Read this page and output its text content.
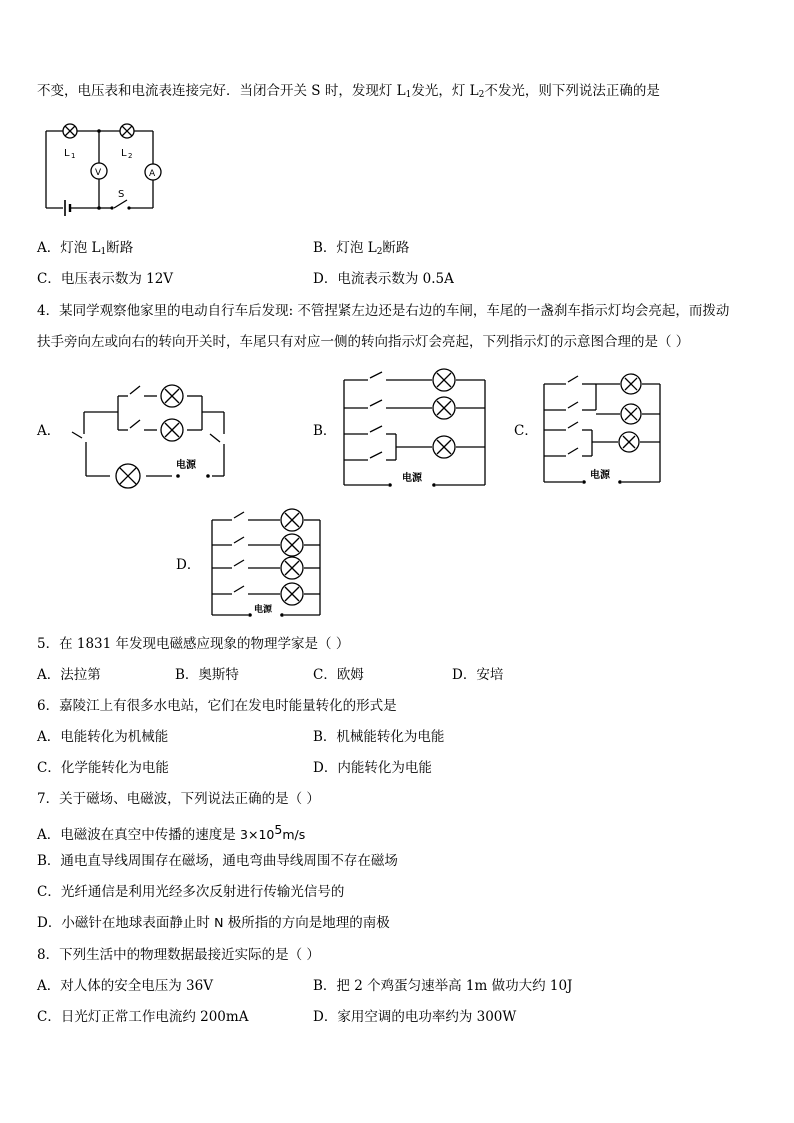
不变，电压表和电流表连接完好．当闭合开关 S 时，发现灯 $L_1$发光，灯 $L_2$不发光，则下列说法正确的是
L 1	L 2
V	A
S
A．灯泡 $L_1$断路	B．灯泡 $L_2$断路
C．电压表示数为 12V	D．电流表示数为 0.5A
4．某同学观察他家里的电动自行车后发现: 不管捏紧左边还是右边的车闸，车尾的一盏刹车指示灯均会亮起，而拨动
扶手旁向左或向右的转向开关时，车尾只有对应一侧的转向指示灯会亮起，下列指示灯的示意图合理的是（ ）
A．	B．	C．
D．
电源
电源	电源
电源
5．在 1831 年发现电磁感应现象的物理学家是（ ）
A．法拉第	B．奥斯特	C．欧姆	D．安培
6．嘉陵江上有很多水电站，它们在发电时能量转化的形式是
A．电能转化为机械能	B．机械能转化为电能
C．化学能转化为电能	D．内能转化为电能
7．关于磁场、电磁波，下列说法正确的是（ ）
A．电磁波在真空中传播的速度是 3×105m/s
B．通电直导线周围存在磁场，通电弯曲导线周围不存在磁场
C．光纤通信是利用光经多次反射进行传输光信号的
D．小磁针在地球表面静止时 N 极所指的方向是地理的南极
8．下列生活中的物理数据最接近实际的是（ ）
A．对人体的安全电压为 36V	B．把 2 个鸡蛋匀速举高 1m 做功大约 10J
C．日光灯正常工作电流约 200mA	D．家用空调的电功率约为 300W
